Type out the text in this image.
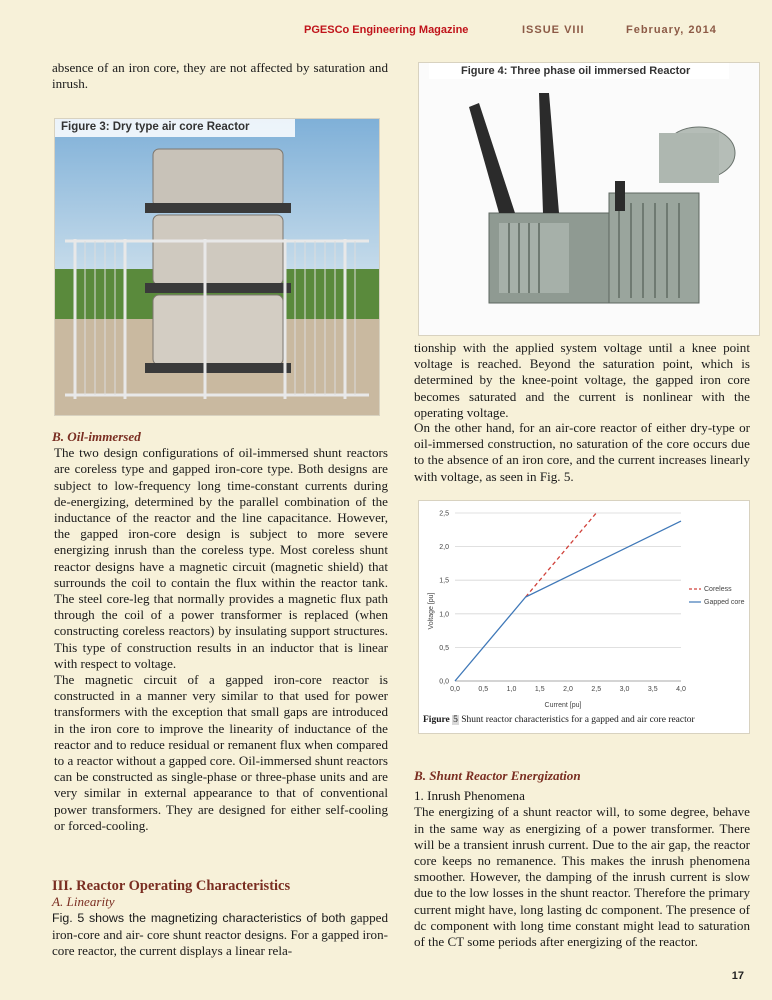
PGESCo Engineering Magazine	ISSUE VIII	February, 2014

absence of an iron core, they are not affected by saturation and inrush.

Figure 3: Dry type air core Reactor

B. Oil-immersed

The two design configurations of oil-immersed shunt reactors are coreless type and gapped iron-core type. Both designs are subject to low-frequency long time-constant currents during de-energizing, determined by the parallel combination of the inductance of the reactor and the line capacitance. However, the gapped iron-core design is subject to more severe energizing inrush than the coreless type. Most coreless shunt reactor designs have a magnetic circuit (magnetic shield) that surrounds the coil to contain the flux within the reactor tank. The steel core-leg that normally provides a magnetic flux path through the coil of a power transformer is replaced (when constructing coreless reactors) by insulating support structures. This type of construction results in an inductor that is linear with respect to voltage.

The magnetic circuit of a gapped iron-core reactor is constructed in a manner very similar to that used for power transformers with the exception that small gaps are introduced in the iron core to improve the linearity of inductance of the reactor and to reduce residual or remanent flux when compared to a reactor without a gapped core. Oil-immersed shunt reactors can be constructed as single-phase or three-phase units and are very similar in external appearance to that of conventional power transformers. They are designed for either self-cooling or forced-cooling.

III. Reactor Operating Characteristics

A. Linearity

Fig. 5 shows the magnetizing characteristics of both gapped iron-core and air- core shunt reactor designs. For a gapped iron-core reactor, the current displays a linear rela-

Figure 4: Three phase oil immersed Reactor

tionship with the applied system voltage until a knee point voltage is reached. Beyond the saturation point, which is determined by the knee-point voltage, the gapped iron core becomes saturated and the current is nonlinear with the operating voltage.

On the other hand, for an air-core reactor of either dry-type or oil-immersed construction, no saturation of the core occurs due to the absence of an iron core, and the current increases linearly with voltage, as seen in Fig. 5.

0,0
0,5
1,0
1,5
2,0
2,5
0,0	0,5	1,0	1,5	2,0	2,5	3,0	3,5	4,0
Voltage [pu]
Current [pu]
Coreless
Gapped core
Figure 5 Shunt reactor characteristics for a gapped and air core reactor

B. Shunt Reactor Energization

1. Inrush Phenomena

The energizing of a shunt reactor will, to some degree, behave in the same way as energizing of a power transformer. There will be a transient inrush current. Due to the air gap, the reactor core keeps no remanence. This makes the inrush phenomena smoother. However, the damping of the inrush current is slow due to the low losses in the shunt reactor. Therefore the primary current might have, long lasting dc component. The presence of dc component with long time constant might lead to saturation of the CT some periods after energizing of the reactor.

17
